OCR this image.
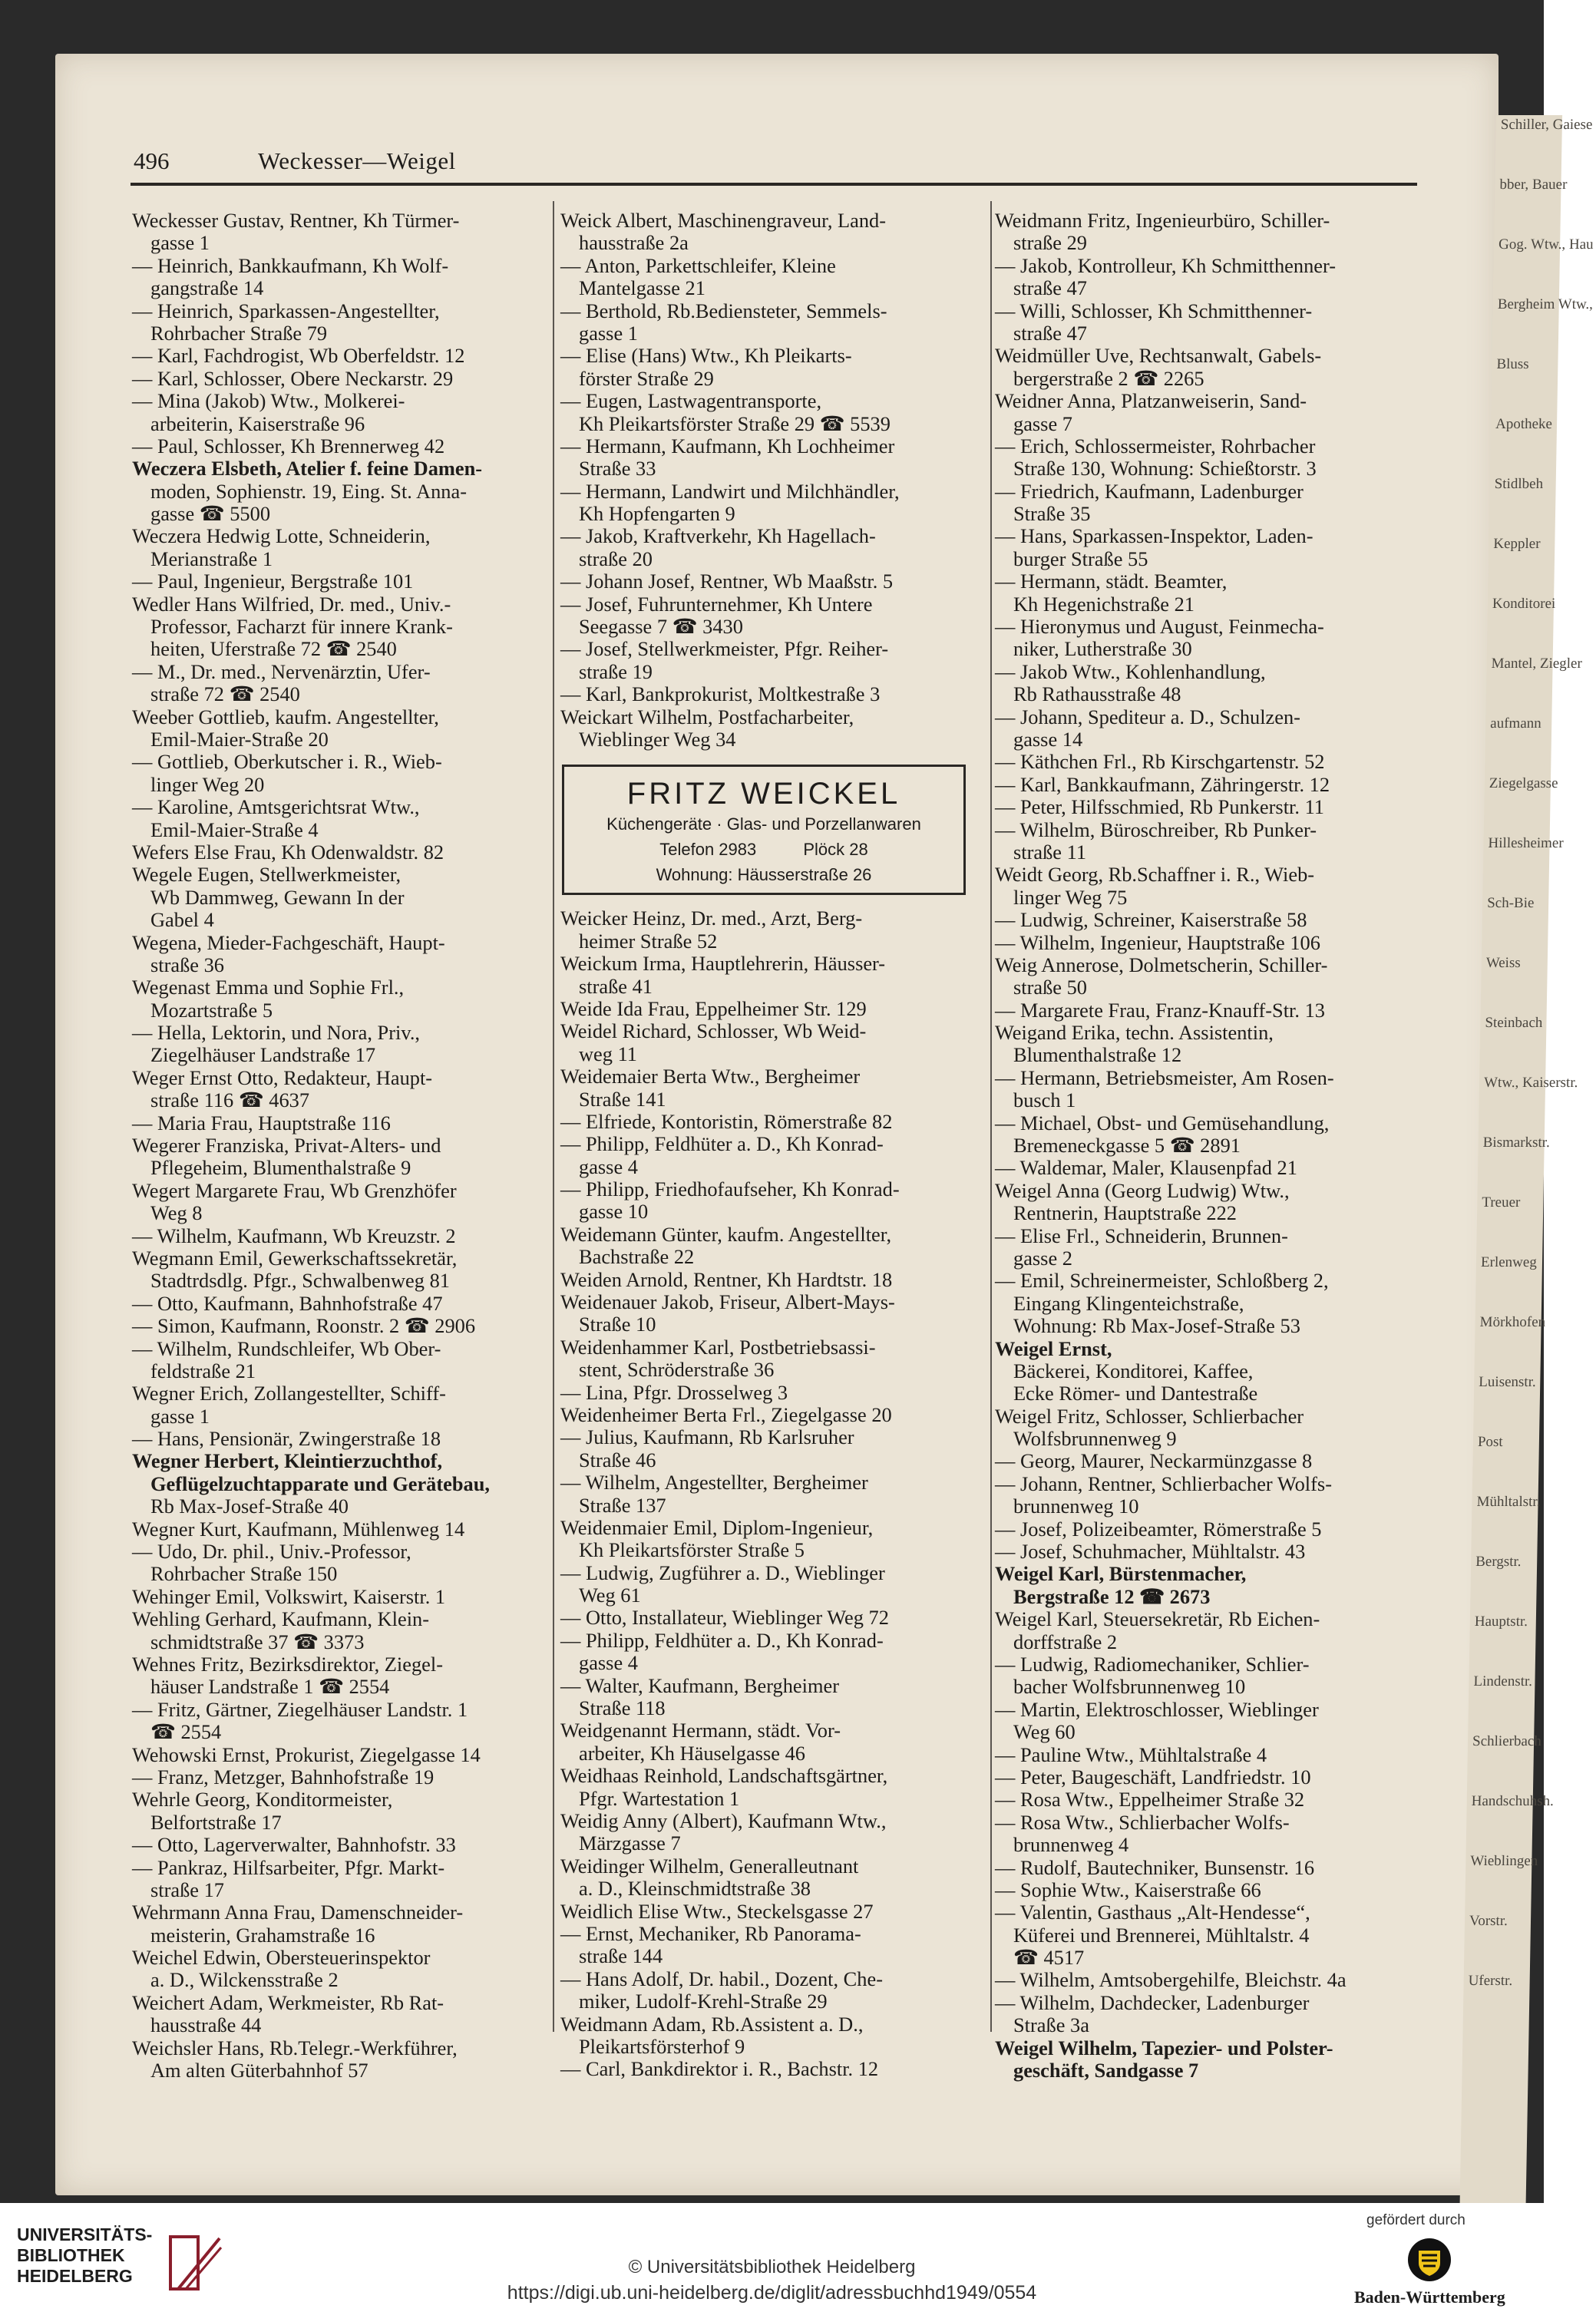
Schiller, Gaiese
bber, Bauer
Gog. Wtw., Hau
Bergheim Wtw.,
Bluss
Apotheke
Stidlbeh
Keppler
Konditorei
Mantel, Ziegler
aufmann
Ziegelgasse
Hillesheimer
Sch-Bie
Weiss
Steinbach
Wtw., Kaiserstr.
Bismarkstr.
Treuer
Erlenweg
Mörkhofen
Luisenstr.
Post
Mühltalstr.
Bergstr.
Hauptstr.
Lindenstr.
Schlierbach
Handschuhsh.
Wieblingen
Vorstr.
Uferstr.
496	Weckesser—Weigel
Weckesser Gustav, Rentner, Kh Türmer-
gasse 1
— Heinrich, Bankkaufmann, Kh Wolf-
gangstraße 14
— Heinrich, Sparkassen-Angestellter,
Rohrbacher Straße 79
— Karl, Fachdrogist, Wb Oberfeldstr. 12
— Karl, Schlosser, Obere Neckarstr. 29
— Mina (Jakob) Wtw., Molkerei-
arbeiterin, Kaiserstraße 96
— Paul, Schlosser, Kh Brennerweg 42
Weczera Elsbeth, Atelier f. feine Damen-
moden, Sophienstr. 19, Eing. St. Anna-
gasse ☎ 5500
Weczera Hedwig Lotte, Schneiderin,
Merianstraße 1
— Paul, Ingenieur, Bergstraße 101
Wedler Hans Wilfried, Dr. med., Univ.-
Professor, Facharzt für innere Krank-
heiten, Uferstraße 72 ☎ 2540
— M., Dr. med., Nervenärztin, Ufer-
straße 72 ☎ 2540
Weeber Gottlieb, kaufm. Angestellter,
Emil-Maier-Straße 20
— Gottlieb, Oberkutscher i. R., Wieb-
linger Weg 20
— Karoline, Amtsgerichtsrat Wtw.,
Emil-Maier-Straße 4
Wefers Else Frau, Kh Odenwaldstr. 82
Wegele Eugen, Stellwerkmeister,
Wb Dammweg, Gewann In der
Gabel 4
Wegena, Mieder-Fachgeschäft, Haupt-
straße 36
Wegenast Emma und Sophie Frl.,
Mozartstraße 5
— Hella, Lektorin, und Nora, Priv.,
Ziegelhäuser Landstraße 17
Weger Ernst Otto, Redakteur, Haupt-
straße 116 ☎ 4637
— Maria Frau, Hauptstraße 116
Wegerer Franziska, Privat-Alters- und
Pflegeheim, Blumenthalstraße 9
Wegert Margarete Frau, Wb Grenzhöfer
Weg 8
— Wilhelm, Kaufmann, Wb Kreuzstr. 2
Wegmann Emil, Gewerkschaftssekretär,
Stadtrdsdlg. Pfgr., Schwalbenweg 81
— Otto, Kaufmann, Bahnhofstraße 47
— Simon, Kaufmann, Roonstr. 2 ☎ 2906
— Wilhelm, Rundschleifer, Wb Ober-
feldstraße 21
Wegner Erich, Zollangestellter, Schiff-
gasse 1
— Hans, Pensionär, Zwingerstraße 18
Wegner Herbert, Kleintierzuchthof,
Geflügelzuchtapparate und Gerätebau,
Rb Max-Josef-Straße 40
Wegner Kurt, Kaufmann, Mühlenweg 14
— Udo, Dr. phil., Univ.-Professor,
Rohrbacher Straße 150
Wehinger Emil, Volkswirt, Kaiserstr. 1
Wehling Gerhard, Kaufmann, Klein-
schmidtstraße 37 ☎ 3373
Wehnes Fritz, Bezirksdirektor, Ziegel-
häuser Landstraße 1 ☎ 2554
— Fritz, Gärtner, Ziegelhäuser Landstr. 1
☎ 2554
Wehowski Ernst, Prokurist, Ziegelgasse 14
— Franz, Metzger, Bahnhofstraße 19
Wehrle Georg, Konditormeister,
Belfortstraße 17
— Otto, Lagerverwalter, Bahnhofstr. 33
— Pankraz, Hilfsarbeiter, Pfgr. Markt-
straße 17
Wehrmann Anna Frau, Damenschneider-
meisterin, Grahamstraße 16
Weichel Edwin, Obersteuerinspektor
a. D., Wilckensstraße 2
Weichert Adam, Werkmeister, Rb Rat-
hausstraße 44
Weichsler Hans, Rb.Telegr.-Werkführer,
Am alten Güterbahnhof 57
Weick Albert, Maschinengraveur, Land-
hausstraße 2a
— Anton, Parkettschleifer, Kleine
Mantelgasse 21
— Berthold, Rb.Bediensteter, Semmels-
gasse 1
— Elise (Hans) Wtw., Kh Pleikarts-
förster Straße 29
— Eugen, Lastwagentransporte,
Kh Pleikartsförster Straße 29 ☎ 5539
— Hermann, Kaufmann, Kh Lochheimer
Straße 33
— Hermann, Landwirt und Milchhändler,
Kh Hopfengarten 9
— Jakob, Kraftverkehr, Kh Hagellach-
straße 20
— Johann Josef, Rentner, Wb Maaßstr. 5
— Josef, Fuhrunternehmer, Kh Untere
Seegasse 7 ☎ 3430
— Josef, Stellwerkmeister, Pfgr. Reiher-
straße 19
— Karl, Bankprokurist, Moltkestraße 3
Weickart Wilhelm, Postfacharbeiter,
Wieblinger Weg 34
FRITZ WEICKEL
Küchengeräte · Glas- und Porzellanwaren
Telefon 2983          Plöck 28
Wohnung: Häusserstraße 26
Weicker Heinz, Dr. med., Arzt, Berg-
heimer Straße 52
Weickum Irma, Hauptlehrerin, Häusser-
straße 41
Weide Ida Frau, Eppelheimer Str. 129
Weidel Richard, Schlosser, Wb Weid-
weg 11
Weidemaier Berta Wtw., Bergheimer
Straße 141
— Elfriede, Kontoristin, Römerstraße 82
— Philipp, Feldhüter a. D., Kh Konrad-
gasse 4
— Philipp, Friedhofaufseher, Kh Konrad-
gasse 10
Weidemann Günter, kaufm. Angestellter,
Bachstraße 22
Weiden Arnold, Rentner, Kh Hardtstr. 18
Weidenauer Jakob, Friseur, Albert-Mays-
Straße 10
Weidenhammer Karl, Postbetriebsassi-
stent, Schröderstraße 36
— Lina, Pfgr. Drosselweg 3
Weidenheimer Berta Frl., Ziegelgasse 20
— Julius, Kaufmann, Rb Karlsruher
Straße 46
— Wilhelm, Angestellter, Bergheimer
Straße 137
Weidenmaier Emil, Diplom-Ingenieur,
Kh Pleikartsförster Straße 5
— Ludwig, Zugführer a. D., Wieblinger
Weg 61
— Otto, Installateur, Wieblinger Weg 72
— Philipp, Feldhüter a. D., Kh Konrad-
gasse 4
— Walter, Kaufmann, Bergheimer
Straße 118
Weidgenannt Hermann, städt. Vor-
arbeiter, Kh Häuselgasse 46
Weidhaas Reinhold, Landschaftsgärtner,
Pfgr. Wartestation 1
Weidig Anny (Albert), Kaufmann Wtw.,
Märzgasse 7
Weidinger Wilhelm, Generalleutnant
a. D., Kleinschmidtstraße 38
Weidlich Elise Wtw., Steckelsgasse 27
— Ernst, Mechaniker, Rb Panorama-
straße 144
— Hans Adolf, Dr. habil., Dozent, Che-
miker, Ludolf-Krehl-Straße 29
Weidmann Adam, Rb.Assistent a. D.,
Pleikartsförsterhof 9
— Carl, Bankdirektor i. R., Bachstr. 12
Weidmann Fritz, Ingenieurbüro, Schiller-
straße 29
— Jakob, Kontrolleur, Kh Schmitthenner-
straße 47
— Willi, Schlosser, Kh Schmitthenner-
straße 47
Weidmüller Uve, Rechtsanwalt, Gabels-
bergerstraße 2 ☎ 2265
Weidner Anna, Platzanweiserin, Sand-
gasse 7
— Erich, Schlossermeister, Rohrbacher
Straße 130, Wohnung: Schießtorstr. 3
— Friedrich, Kaufmann, Ladenburger
Straße 35
— Hans, Sparkassen-Inspektor, Laden-
burger Straße 55
— Hermann, städt. Beamter,
Kh Hegenichstraße 21
— Hieronymus und August, Feinmecha-
niker, Lutherstraße 30
— Jakob Wtw., Kohlenhandlung,
Rb Rathausstraße 48
— Johann, Spediteur a. D., Schulzen-
gasse 14
— Käthchen Frl., Rb Kirschgartenstr. 52
— Karl, Bankkaufmann, Zähringerstr. 12
— Peter, Hilfsschmied, Rb Punkerstr. 11
— Wilhelm, Büroschreiber, Rb Punker-
straße 11
Weidt Georg, Rb.Schaffner i. R., Wieb-
linger Weg 75
— Ludwig, Schreiner, Kaiserstraße 58
— Wilhelm, Ingenieur, Hauptstraße 106
Weig Annerose, Dolmetscherin, Schiller-
straße 50
— Margarete Frau, Franz-Knauff-Str. 13
Weigand Erika, techn. Assistentin,
Blumenthalstraße 12
— Hermann, Betriebsmeister, Am Rosen-
busch 1
— Michael, Obst- und Gemüsehandlung,
Bremeneckgasse 5 ☎ 2891
— Waldemar, Maler, Klausenpfad 21
Weigel Anna (Georg Ludwig) Wtw.,
Rentnerin, Hauptstraße 222
— Elise Frl., Schneiderin, Brunnen-
gasse 2
— Emil, Schreinermeister, Schloßberg 2,
Eingang Klingenteichstraße,
Wohnung: Rb Max-Josef-Straße 53
Weigel Ernst,
Bäckerei, Konditorei, Kaffee,
Ecke Römer- und Dantestraße
Weigel Fritz, Schlosser, Schlierbacher
Wolfsbrunnenweg 9
— Georg, Maurer, Neckarmünzgasse 8
— Johann, Rentner, Schlierbacher Wolfs-
brunnenweg 10
— Josef, Polizeibeamter, Römerstraße 5
— Josef, Schuhmacher, Mühltalstr. 43
Weigel Karl, Bürstenmacher,
Bergstraße 12 ☎ 2673
Weigel Karl, Steuersekretär, Rb Eichen-
dorffstraße 2
— Ludwig, Radiomechaniker, Schlier-
bacher Wolfsbrunnenweg 10
— Martin, Elektroschlosser, Wieblinger
Weg 60
— Pauline Wtw., Mühltalstraße 4
— Peter, Baugeschäft, Landfriedstr. 10
— Rosa Wtw., Eppelheimer Straße 32
— Rosa Wtw., Schlierbacher Wolfs-
brunnenweg 4
— Rudolf, Bautechniker, Bunsenstr. 16
— Sophie Wtw., Kaiserstraße 66
— Valentin, Gasthaus „Alt-Hendesse“,
Küferei und Brennerei, Mühltalstr. 4
☎ 4517
— Wilhelm, Amtsobergehilfe, Bleichstr. 4a
— Wilhelm, Dachdecker, Ladenburger
Straße 3a
Weigel Wilhelm, Tapezier- und Polster-
geschäft, Sandgasse 7
UNIVERSITÄTS-
BIBLIOTHEK
HEIDELBERG	© Universitätsbibliothek Heidelberg
https://digi.ub.uni-heidelberg.de/diglit/adressbuchhd1949/0554
gefördert durch
Baden-Württemberg
